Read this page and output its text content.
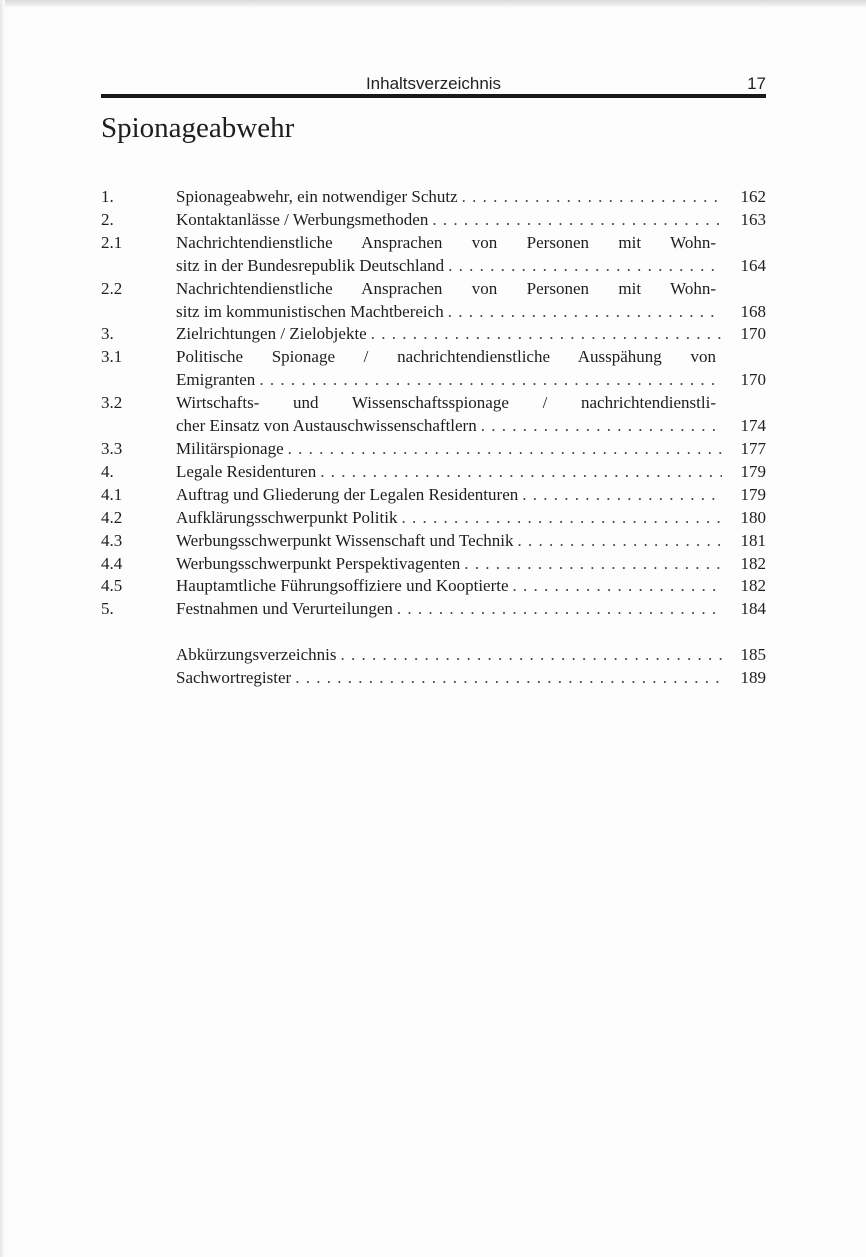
Inhaltsverzeichnis	17
Spionageabwehr
1.	Spionageabwehr, ein notwendiger Schutz . . .	162
2.	Kontaktanlässe / Werbungsmethoden . . .	163
2.1	Nachrichtendienstliche Ansprachen von Personen mit Wohn-
sitz in der Bundesrepublik Deutschland . . .	164
2.2	Nachrichtendienstliche Ansprachen von Personen mit Wohn-
sitz im kommunistischen Machtbereich . . .	168
3.	Zielrichtungen / Zielobjekte . . .	170
3.1	Politische Spionage / nachrichtendienstliche Ausspähung von
Emigranten . . .	170
3.2	Wirtschafts- und Wissenschaftsspionage / nachrichtendienstli-
cher Einsatz von Austauschwissenschaftlern . . .	174
3.3	Militärspionage . . .	177
4.	Legale Residenturen . . .	179
4.1	Auftrag und Gliederung der Legalen Residenturen . . .	179
4.2	Aufklärungsschwerpunkt Politik . . .	180
4.3	Werbungsschwerpunkt Wissenschaft und Technik . . .	181
4.4	Werbungsschwerpunkt Perspektivagenten . . .	182
4.5	Hauptamtliche Führungsoffiziere und Kooptierte . . .	182
5.	Festnahmen und Verurteilungen . . .	184
Abkürzungsverzeichnis . . .	185
Sachwortregister . . .	189
